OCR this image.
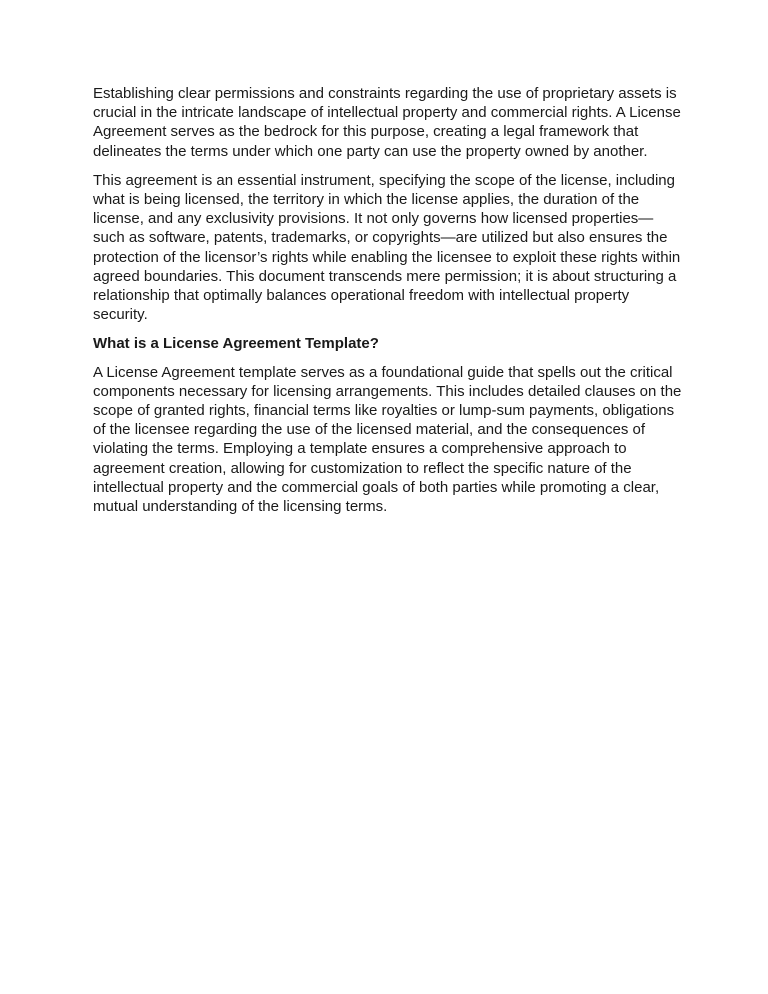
Establishing clear permissions and constraints regarding the use of proprietary assets is crucial in the intricate landscape of intellectual property and commercial rights. A License Agreement serves as the bedrock for this purpose, creating a legal framework that delineates the terms under which one party can use the property owned by another.

This agreement is an essential instrument, specifying the scope of the license, including what is being licensed, the territory in which the license applies, the duration of the license, and any exclusivity provisions. It not only governs how licensed properties—such as software, patents, trademarks, or copyrights—are utilized but also ensures the protection of the licensor’s rights while enabling the licensee to exploit these rights within agreed boundaries. This document transcends mere permission; it is about structuring a relationship that optimally balances operational freedom with intellectual property security.

What is a License Agreement Template?

A License Agreement template serves as a foundational guide that spells out the critical components necessary for licensing arrangements. This includes detailed clauses on the scope of granted rights, financial terms like royalties or lump-sum payments, obligations of the licensee regarding the use of the licensed material, and the consequences of violating the terms. Employing a template ensures a comprehensive approach to agreement creation, allowing for customization to reflect the specific nature of the intellectual property and the commercial goals of both parties while promoting a clear, mutual understanding of the licensing terms.
